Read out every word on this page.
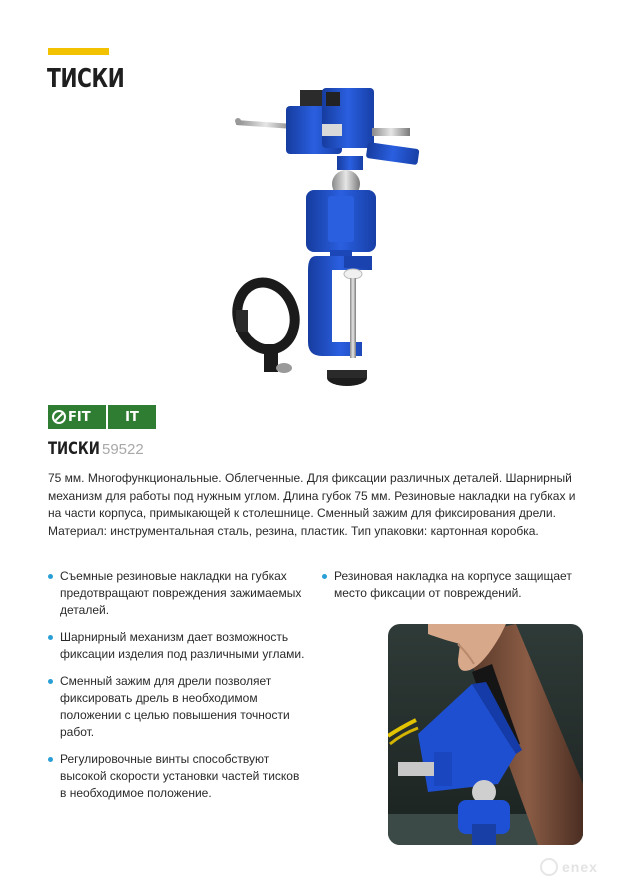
ТИСКИ
FIT	IT
ТИСКИ 59522
75 мм. Многофункциональные. Облегченные. Для фиксации различных деталей. Шарнирный механизм для работы под нужным углом. Длина губок 75 мм. Резиновые накладки на губках и на части корпуса, примыкающей к столешнице. Сменный зажим для фиксирования дрели. Материал: инструментальная сталь, резина, пластик. Тип упаковки: картонная коробка.
Съемные резиновые накладки на губках предотвращают повреждения зажимаемых деталей.
Шарнирный механизм дает возможность фиксации изделия под различными углами.
Сменный зажим для дрели позволяет фиксировать дрель в необходимом положении с целью повышения точности работ.
Регулировочные винты способствуют высокой скорости установки частей тисков в необходимое положение.
Резиновая накладка на корпусе защищает место фиксации от повреждений.
enex
